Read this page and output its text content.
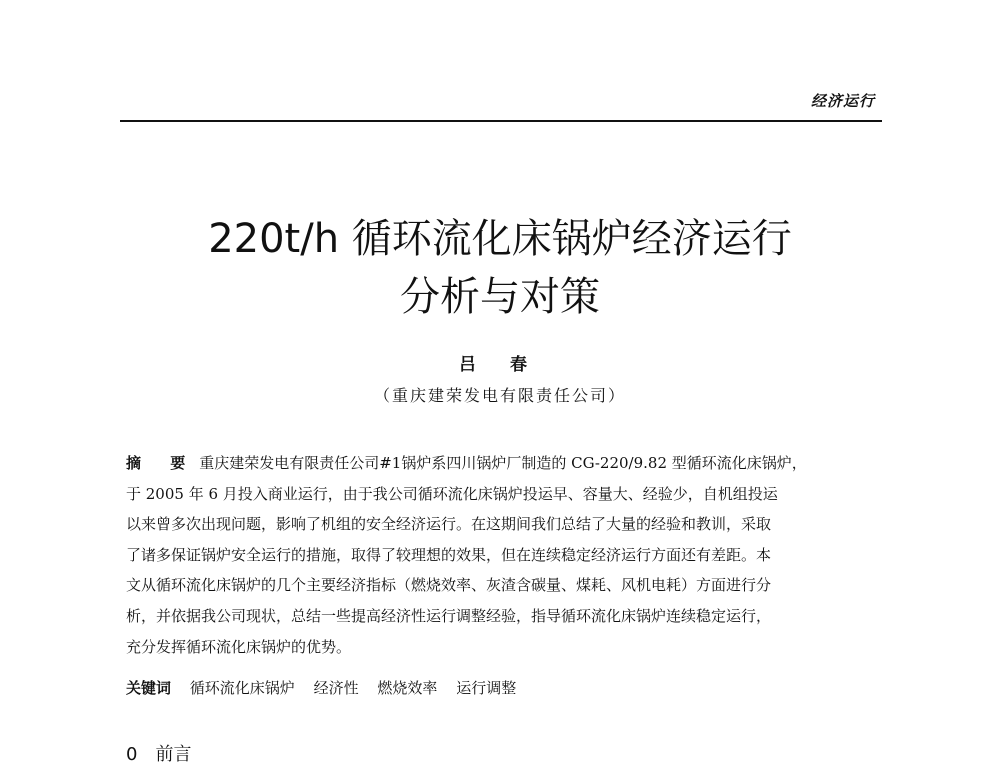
经济运行
220t/h 循环流化床锅炉经济运行
分析与对策
吕 春
（重庆建荣发电有限责任公司）
摘 要 重庆建荣发电有限责任公司#1锅炉系四川锅炉厂制造的 CG-220/9.82 型循环流化床锅炉，
于 2005 年 6 月投入商业运行，由于我公司循环流化床锅炉投运早、容量大、经验少，自机组投运
以来曾多次出现问题，影响了机组的安全经济运行。在这期间我们总结了大量的经验和教训，采取
了诸多保证锅炉安全运行的措施，取得了较理想的效果，但在连续稳定经济运行方面还有差距。本
文从循环流化床锅炉的几个主要经济指标（燃烧效率、灰渣含碳量、煤耗、风机电耗）方面进行分
析，并依据我公司现状，总结一些提高经济性运行调整经验，指导循环流化床锅炉连续稳定运行，
充分发挥循环流化床锅炉的优势。
关键词 循环流化床锅炉 经济性 燃烧效率 运行调整
0 前言
